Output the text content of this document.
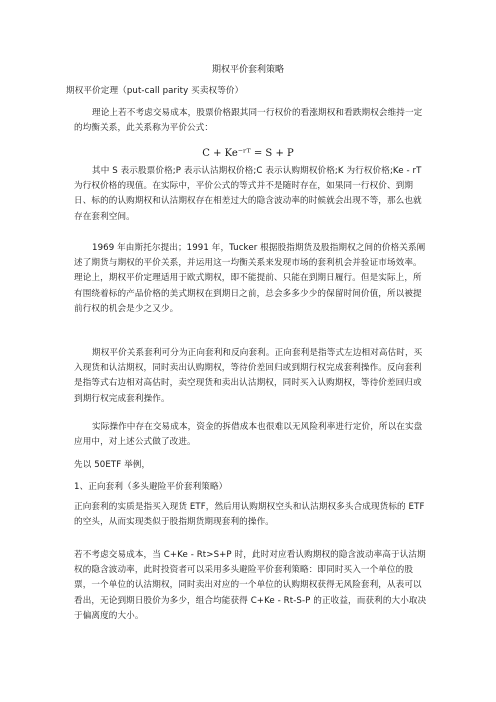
期权平价套利策略

期权平价定理（put-call parity 买卖权等价）

理论上若不考虑交易成本，股票价格跟其同一行权价的看涨期权和看跌期权会维持一定的均衡关系，此关系称为平价公式：

C + Ke⁻ʳᵀ = S + P

其中 S 表示股票价格;P 表示认沽期权价格;C 表示认购期权价格;K 为行权价格;Ke - rT 为行权价格的现值。在实际中，平价公式的等式并不是随时存在，如果同一行权价、到期日、标的的认购期权和认沽期权存在相差过大的隐含波动率的时候就会出现不等，那么也就存在套利空间。

1969 年由斯托尔提出；1991 年，Tucker 根据股指期货及股指期权之间的价格关系阐述了期货与期权的平价关系，并运用这一均衡关系来发现市场的套利机会并验证市场效率。理论上，期权平价定理适用于欧式期权，即不能提前、只能在到期日履行。但是实际上，所有围绕着标的产品价格的美式期权在到期日之前，总会多多少少的保留时间价值，所以被提前行权的机会是少之又少。

期权平价关系套利可分为正向套利和反向套利。正向套利是指等式左边相对高估时，买入现货和认沽期权，同时卖出认购期权，等待价差回归或到期行权完成套利操作。反向套利是指等式右边相对高估时，卖空现货和卖出认沽期权，同时买入认购期权，等待价差回归或到期行权完成套利操作。

实际操作中存在交易成本，资金的拆借成本也很难以无风险利率进行定价，所以在实盘应用中，对上述公式做了改进。

先以 50ETF 举例，

1、正向套利（多头避险平价套利策略）

正向套利的实质是指买入现货 ETF，然后用认购期权空头和认沽期权多头合成现货标的 ETF 的空头，从而实现类似于股指期货期现套利的操作。

若不考虑交易成本，当 C+Ke - Rt>S+P 时，此时对应看认购期权的隐含波动率高于认沽期权的隐含波动率，此时投资者可以采用多头避险平价套利策略：即同时买入一个单位的股票，一个单位的认沽期权，同时卖出对应的一个单位的认购期权获得无风险套利，从表可以看出，无论到期日股价为多少，组合均能获得 C+Ke - Rt-S-P 的正收益，而获利的大小取决于偏离度的大小。
